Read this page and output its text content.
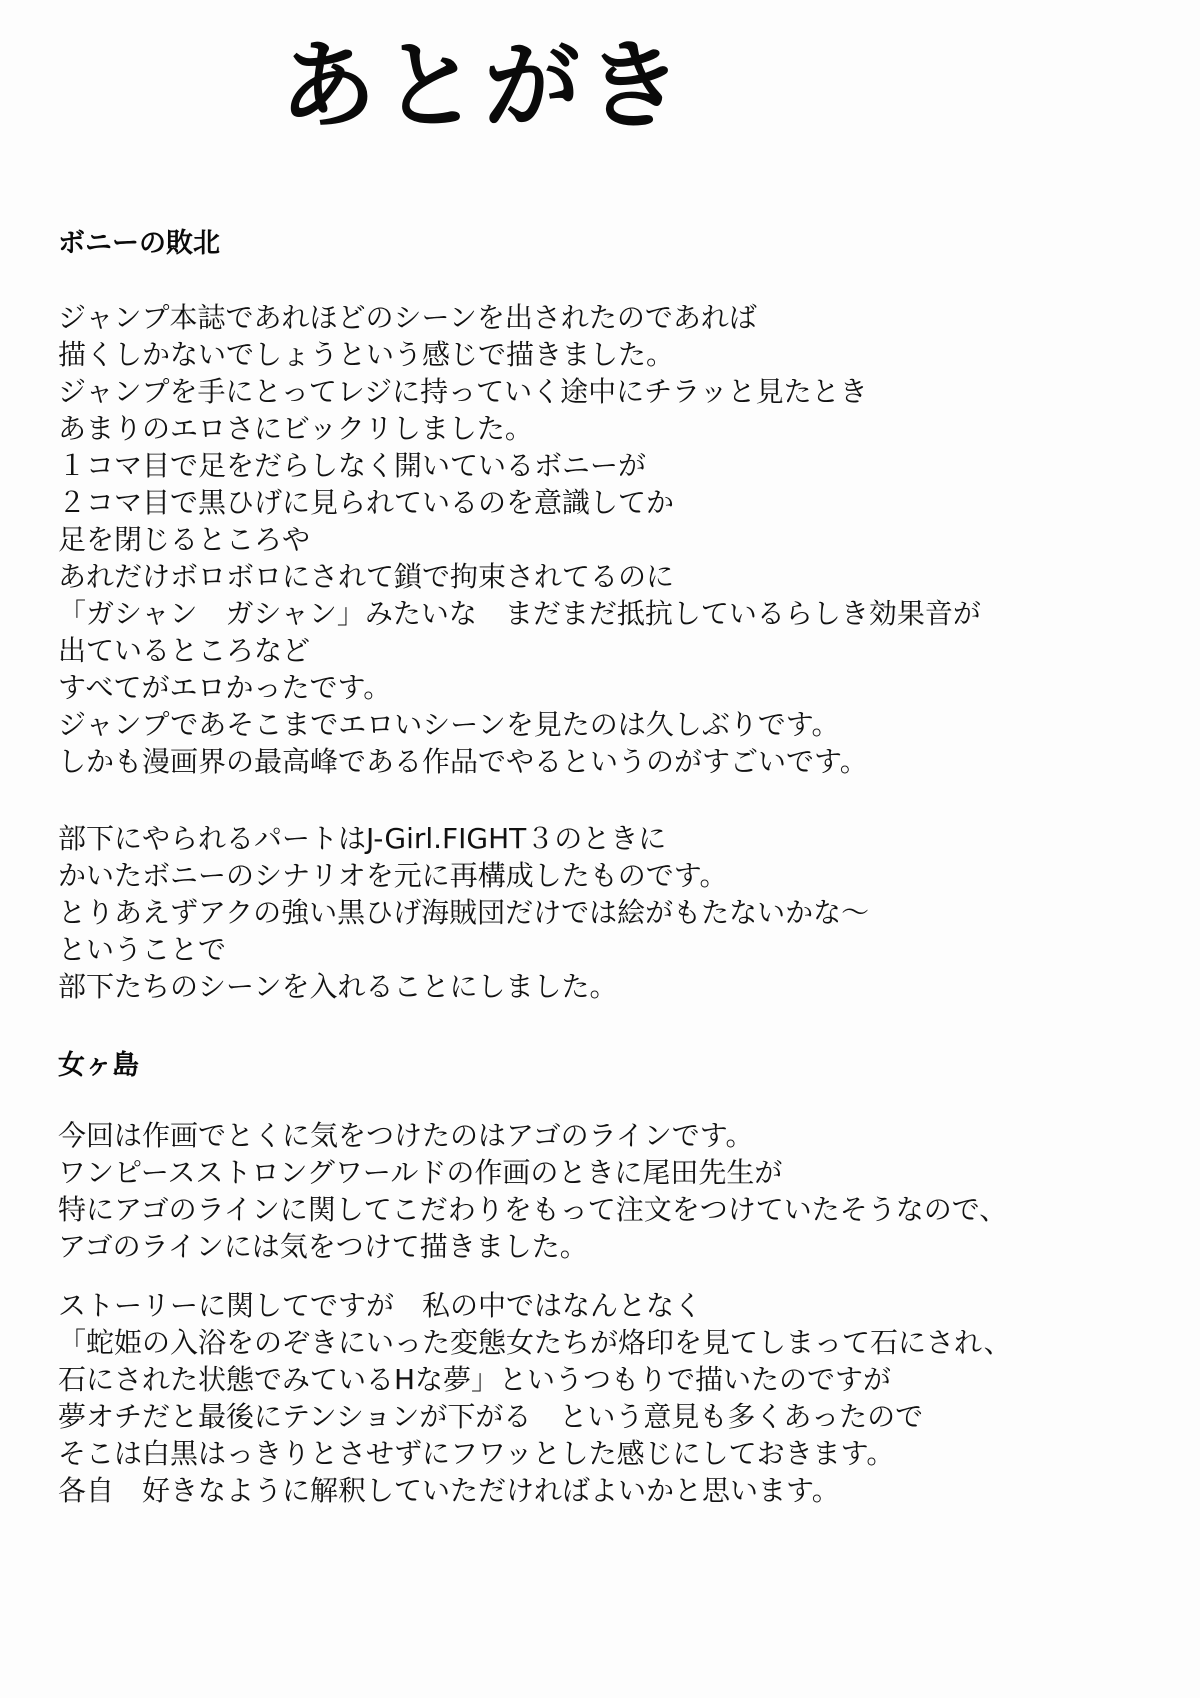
あとがき
ボニーの敗北
ジャンプ本誌であれほどのシーンを出されたのであれば
描くしかないでしょうという感じで描きました。
ジャンプを手にとってレジに持っていく途中にチラッと見たとき
あまりのエロさにビックリしました。
１コマ目で足をだらしなく開いているボニーが
２コマ目で黒ひげに見られているのを意識してか
足を閉じるところや
あれだけボロボロにされて鎖で拘束されてるのに
「ガシャン　ガシャン」みたいな　まだまだ抵抗しているらしき効果音が
出ているところなど
すべてがエロかったです。
ジャンプであそこまでエロいシーンを見たのは久しぶりです。
しかも漫画界の最高峰である作品でやるというのがすごいです。
部下にやられるパートはJ-Girl.FIGHT３のときに
かいたボニーのシナリオを元に再構成したものです。
とりあえずアクの強い黒ひげ海賊団だけでは絵がもたないかな～
ということで
部下たちのシーンを入れることにしました。
女ヶ島
今回は作画でとくに気をつけたのはアゴのラインです。
ワンピースストロングワールドの作画のときに尾田先生が
特にアゴのラインに関してこだわりをもって注文をつけていたそうなので、
アゴのラインには気をつけて描きました。
ストーリーに関してですが　私の中ではなんとなく
「蛇姫の入浴をのぞきにいった変態女たちが烙印を見てしまって石にされ、
石にされた状態でみているHな夢」というつもりで描いたのですが
夢オチだと最後にテンションが下がる　という意見も多くあったので
そこは白黒はっきりとさせずにフワッとした感じにしておきます。
各自　好きなように解釈していただければよいかと思います。
